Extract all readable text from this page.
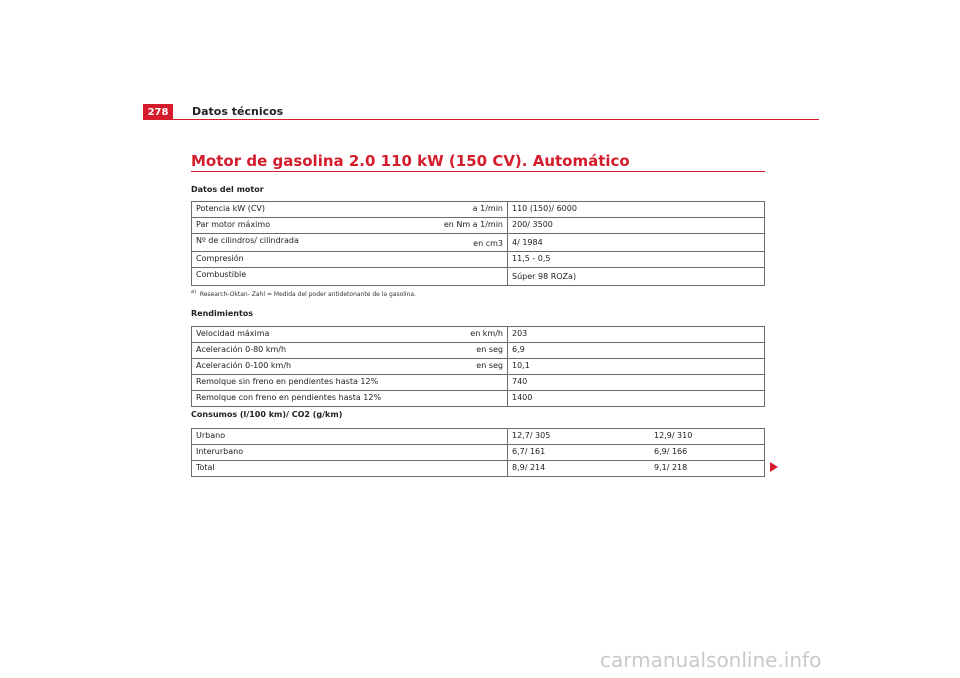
278	Datos técnicos
Motor de gasolina 2.0 110 kW (150 CV). Automático
Datos del motor
Potencia kW (CV) a 1/min	110 (150)/ 6000
Par motor máximo en Nm a 1/min	200/ 3500
Nº de cilindros/ cilindrada en cm3	4/ 1984
Compresión	11,5 - 0,5
Combustible	Súper 98 ROZa)
$^{a)}$ Research-Oktan- Zahl = Medida del poder antidetonante de la gasolina.
Rendimientos
Velocidad máxima en km/h	203
Aceleración 0-80 km/h en seg	6,9
Aceleración 0-100 km/h en seg	10,1
Remolque sin freno en pendientes hasta 12%	740
Remolque con freno en pendientes hasta 12%	1400
Consumos (l/100 km)/ CO2 (g/km)
Urbano	12,7/ 305	12,9/ 310
Interurbano	6,7/ 161	6,9/ 166
Total	8,9/ 214	9,1/ 218
carmanualsonline.info
